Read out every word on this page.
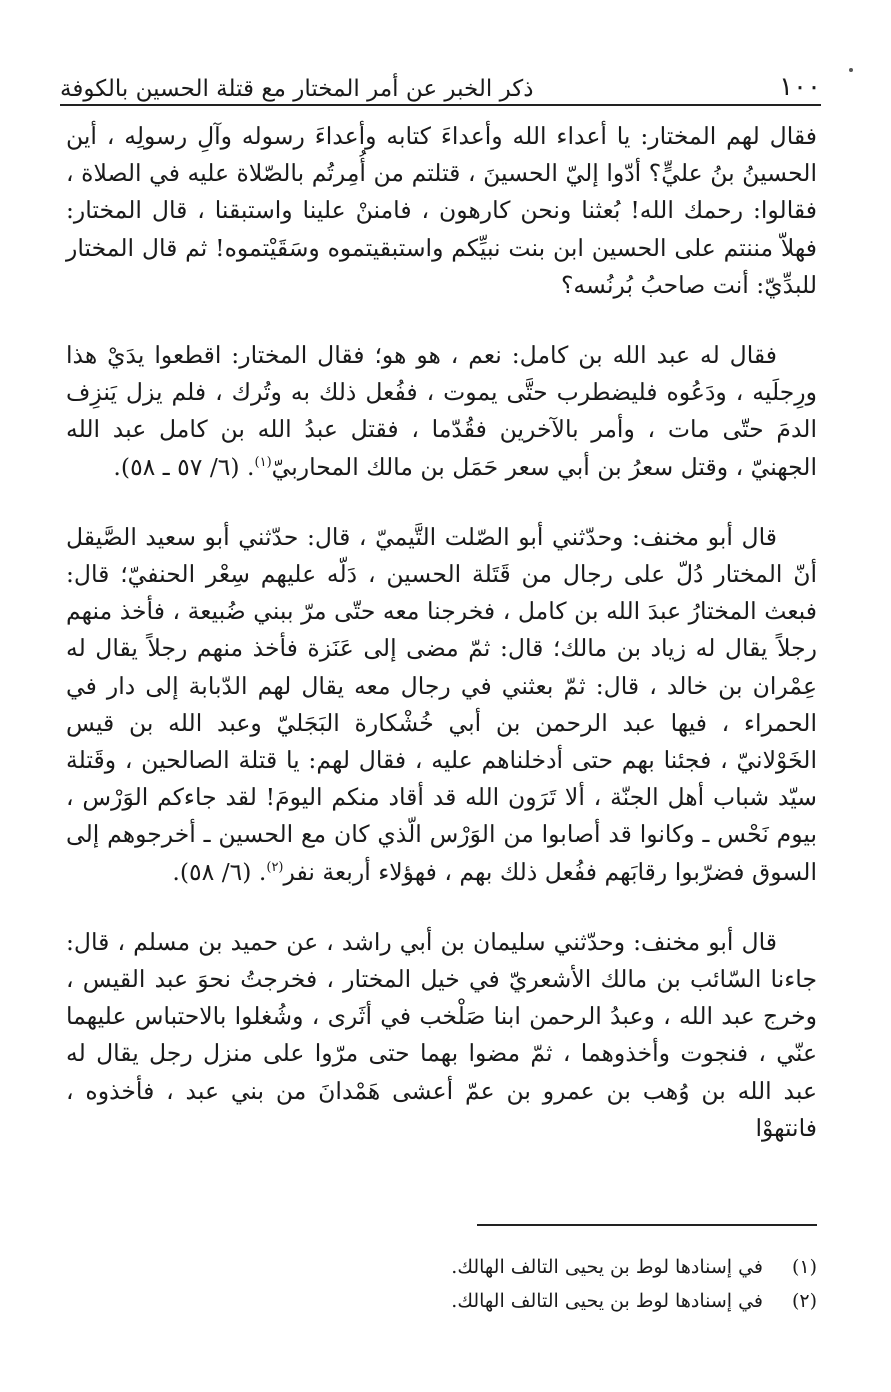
١٠٠
ذكر الخبر عن أمر المختار مع قتلة الحسين بالكوفة

فقال لهم المختار: يا أعداء الله وأعداءَ كتابه وأعداءَ رسوله وآلِ رسولِه ، أين الحسينُ بنُ عليٍّ؟ أدّوا إليّ الحسينَ ، قتلتم من أُمِرتُم بالصّلاة عليه في الصلاة ، فقالوا: رحمك الله! بُعثنا ونحن كارهون ، فامننْ علينا واستبقنا ، قال المختار: فهلاّ مننتم على الحسين ابن بنت نبيِّكم واستبقيتموه وسَقَيْتموه! ثم قال المختار للبدِّيّ: أنت صاحبُ بُرنُسه؟

فقال له عبد الله بن كامل: نعم ، هو هو؛ فقال المختار: اقطعوا يدَيْ هذا ورِجلَيه ، ودَعُوه فليضطرب حتَّى يموت ، ففُعل ذلك به وتُرك ، فلم يزل يَنزِف الدمَ حتّى مات ، وأمر بالآخرين فقُدّما ، فقتل عبدُ الله بن كامل عبد الله الجهنيّ ، وقتل سعرُ بن أبي سعر حَمَل بن مالك المحاربيّ$^{(١)}$. (٦/ ٥٧ ـ ٥٨).

قال أبو مخنف: وحدّثني أبو الصّلت التَّيميّ ، قال: حدّثني أبو سعيد الصَّيقل أنّ المختار دُلّ على رجال من قَتَلة الحسين ، دَلّه عليهم سِعْر الحنفيّ؛ قال: فبعث المختارُ عبدَ الله بن كامل ، فخرجنا معه حتّى مرّ ببني ضُبيعة ، فأخذ منهم رجلاً يقال له زياد بن مالك؛ قال: ثمّ مضى إلى عَنَزة فأخذ منهم رجلاً يقال له عِمْران بن خالد ، قال: ثمّ بعثني في رجال معه يقال لهم الدّبابة إلى دار في الحمراء ، فيها عبد الرحمن بن أبي خُشْكارة البَجَليّ وعبد الله بن قيس الخَوْلانيّ ، فجئنا بهم حتى أدخلناهم عليه ، فقال لهم: يا قتلة الصالحين ، وقَتلة سيّد شباب أهل الجنّة ، ألا تَرَون الله قد أقاد منكم اليومَ! لقد جاءكم الوَرْس ، بيوم نَحْس ـ وكانوا قد أصابوا من الوَرْس الّذي كان مع الحسين ـ أخرجوهم إلى السوق فضرّبوا رقابَهم ففُعل ذلك بهم ، فهؤلاء أربعة نفر$^{(٢)}$. (٦/ ٥٨).

قال أبو مخنف: وحدّثني سليمان بن أبي راشد ، عن حميد بن مسلم ، قال: جاءنا السّائب بن مالك الأشعريّ في خيل المختار ، فخرجتُ نحوَ عبد القيس ، وخرج عبد الله ، وعبدُ الرحمن ابنا صَلْخب في أثَرى ، وشُغلوا بالاحتباس عليهما عنّي ، فنجوت وأخذوهما ، ثمّ مضوا بهما حتى مرّوا على منزل رجل يقال له عبد الله بن وُهب بن عمرو بن عمّ أعشى هَمْدانَ من بني عبد ، فأخذوه ، فانتهوْا

(١)
في إسنادها لوط بن يحيى التالف الهالك.
(٢)
في إسنادها لوط بن يحيى التالف الهالك.
